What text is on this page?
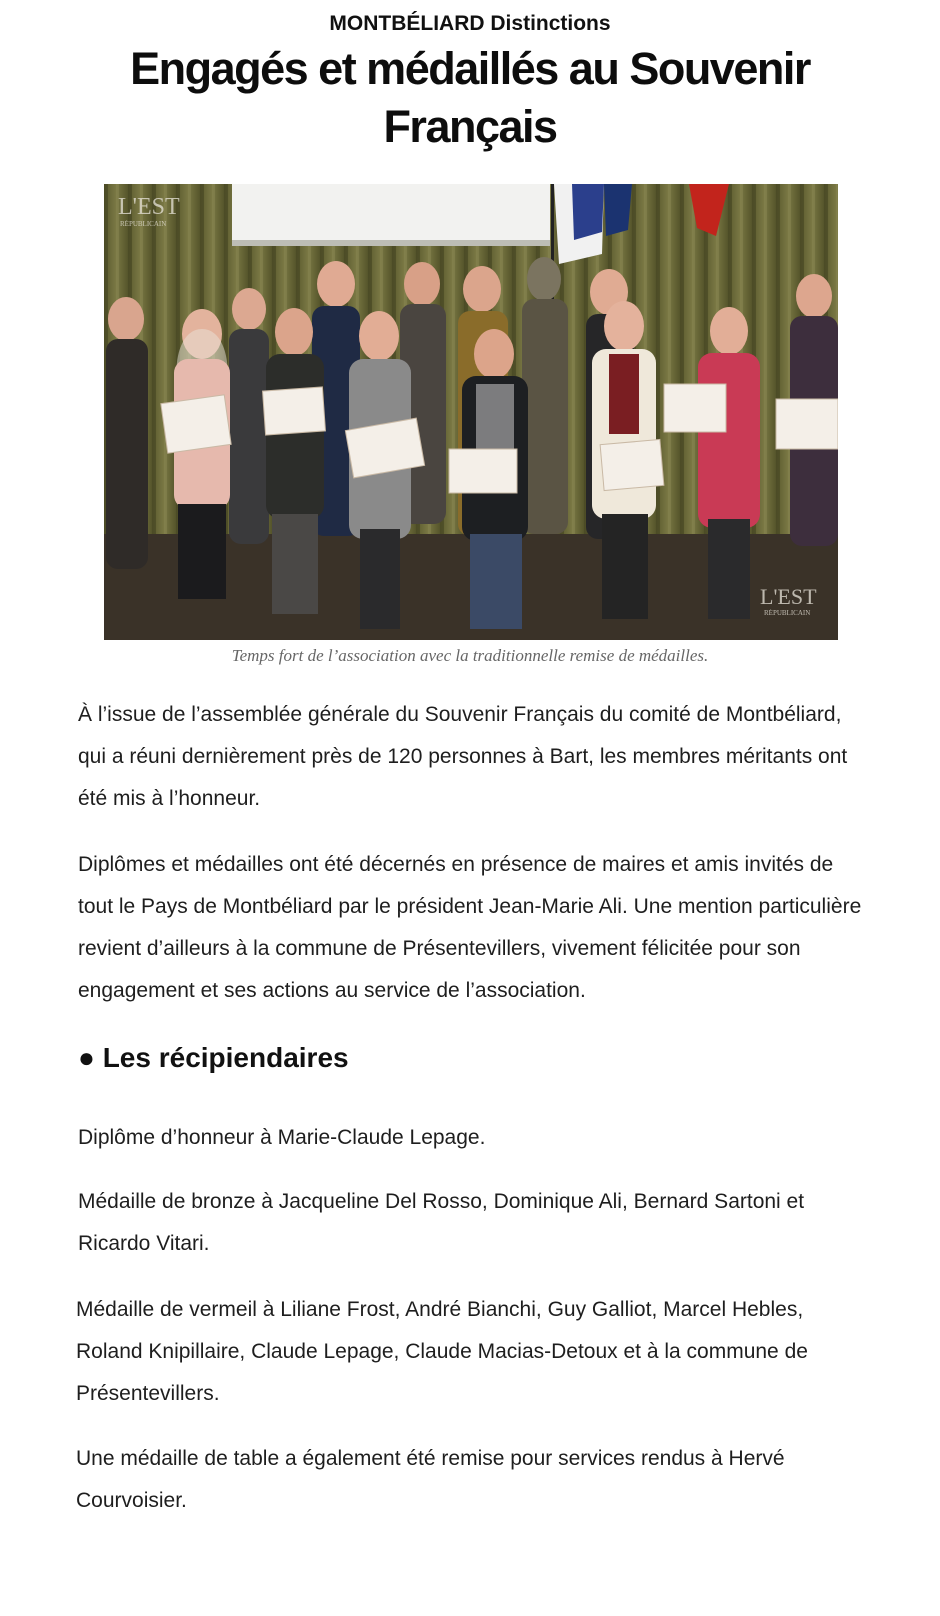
MONTBÉLIARD Distinctions
Engagés et médaillés au Souvenir Français
L'EST
RÉPUBLICAIN
L'EST
RÉPUBLICAIN
Temps fort de l’association avec la traditionnelle remise de médailles.

À l’issue de l’assemblée générale du Souvenir Français du comité de Montbéliard, qui a réuni dernièrement près de 120 personnes à Bart, les membres méritants ont été mis à l’honneur.

Diplômes et médailles ont été décernés en présence de maires et amis invités de tout le Pays de Montbéliard par le président Jean-Marie Ali. Une mention particulière revient d’ailleurs à la commune de Présentevillers, vivement félicitée pour son engagement et ses actions au service de l’association.

● Les récipiendaires

Diplôme d’honneur à Marie-Claude Lepage.

Médaille de bronze à Jacqueline Del Rosso, Dominique Ali, Bernard Sartoni et Ricardo Vitari.

Médaille de vermeil à Liliane Frost, André Bianchi, Guy Galliot, Marcel Hebles, Roland Knipillaire, Claude Lepage, Claude Macias-Detoux et à la commune de Présentevillers.

Une médaille de table a également été remise pour services rendus à Hervé Courvoisier.
